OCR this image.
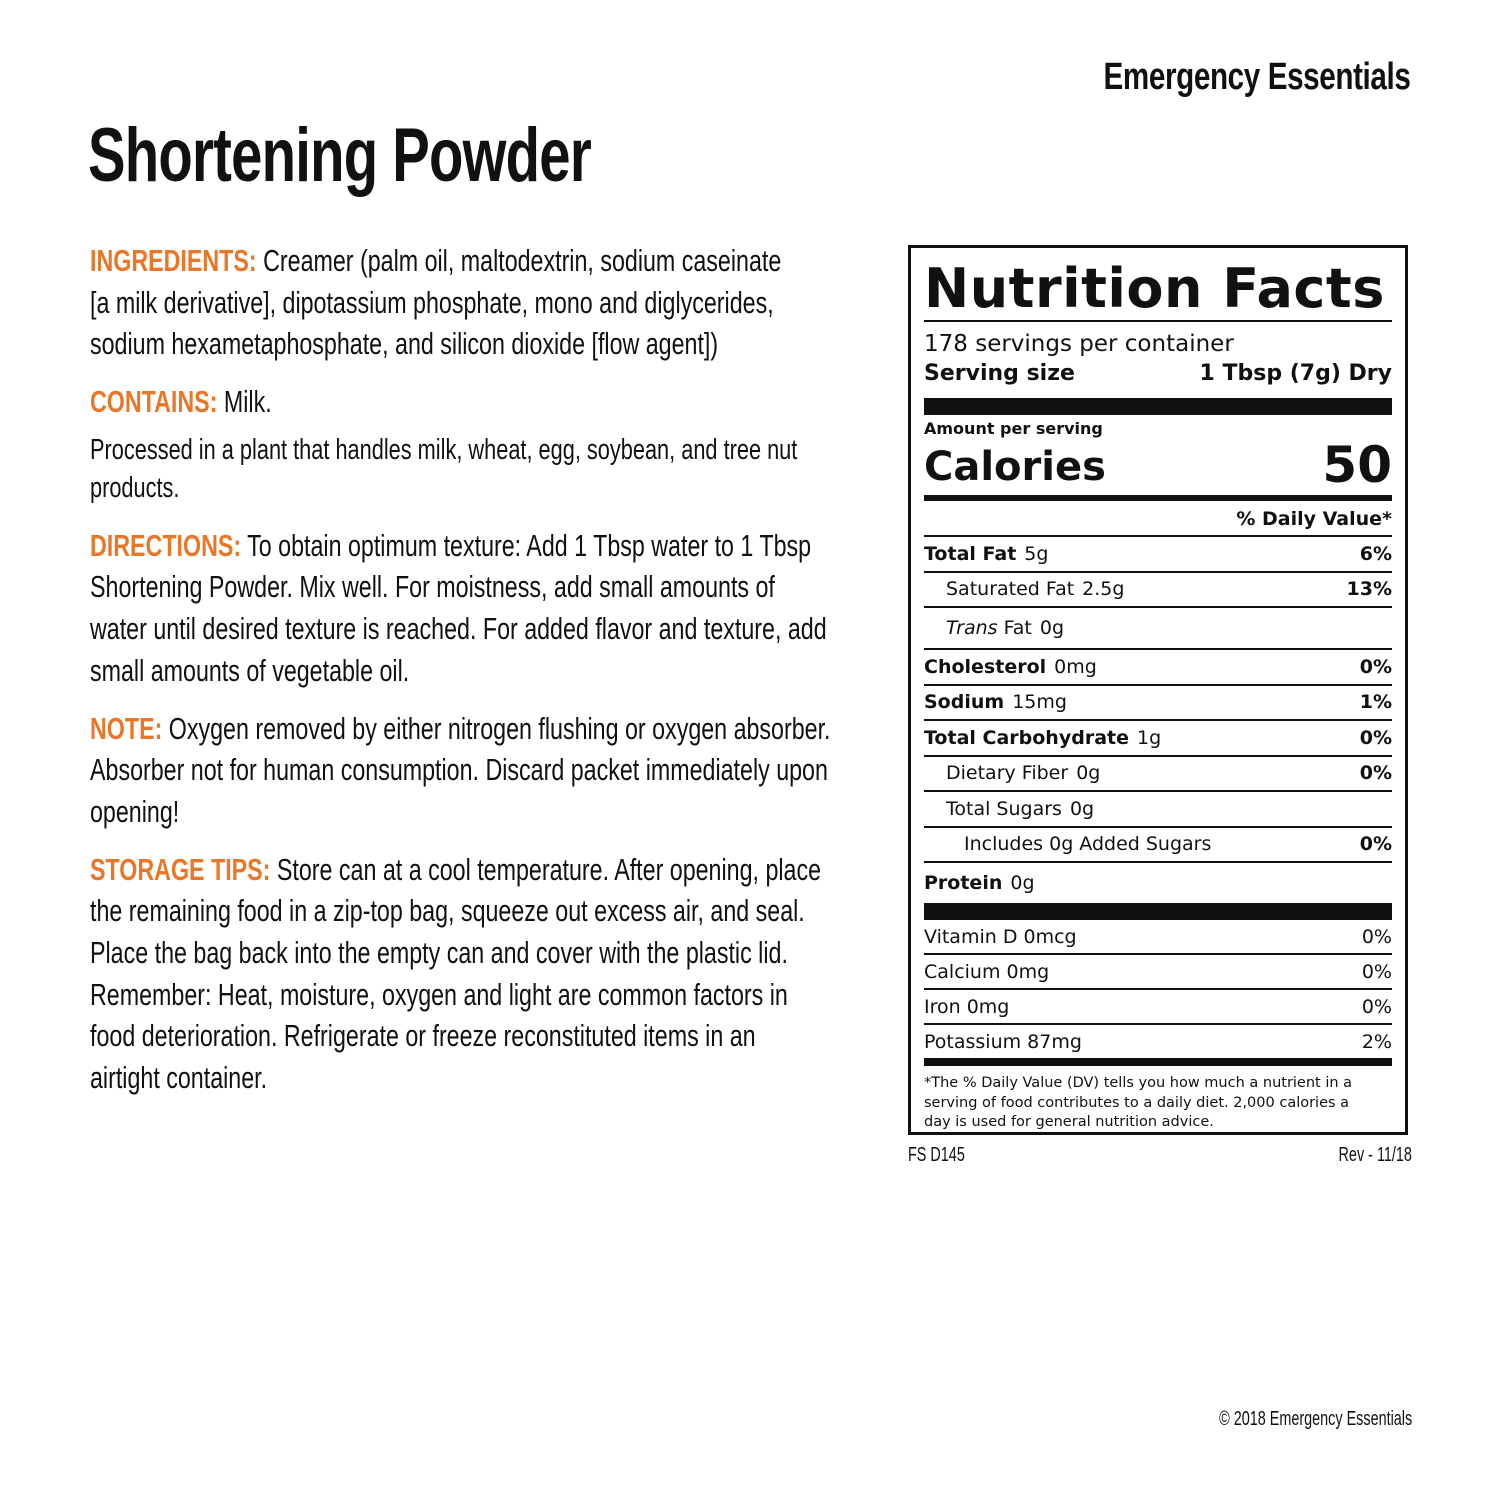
Emergency Essentials
Shortening Powder

INGREDIENTS: Creamer (palm oil, maltodextrin, sodium caseinate
[a milk derivative], dipotassium phosphate, mono and diglycerides,
sodium hexametaphosphate, and silicon dioxide [flow agent])

CONTAINS: Milk.

Processed in a plant that handles milk, wheat, egg, soybean, and tree nut
products.

DIRECTIONS: To obtain optimum texture: Add 1 Tbsp water to 1 Tbsp
Shortening Powder. Mix well. For moistness, add small amounts of
water until desired texture is reached. For added flavor and texture, add
small amounts of vegetable oil.

NOTE: Oxygen removed by either nitrogen flushing or oxygen absorber.
Absorber not for human consumption. Discard packet immediately upon
opening!

STORAGE TIPS: Store can at a cool temperature. After opening, place
the remaining food in a zip-top bag, squeeze out excess air, and seal.
Place the bag back into the empty can and cover with the plastic lid.
Remember: Heat, moisture, oxygen and light are common factors in
food deterioration. Refrigerate or freeze reconstituted items in an
airtight container.

Nutrition Facts
178 servings per container
Serving size	1 Tbsp (7g) Dry
Amount per serving
Calories	50
% Daily Value*
Total Fat 5g	6%
Saturated Fat 2.5g	13%
Trans Fat 0g
Cholesterol 0mg	0%
Sodium 15mg	1%
Total Carbohydrate 1g	0%
Dietary Fiber 0g	0%
Total Sugars 0g
Includes 0g Added Sugars	0%
Protein 0g
Vitamin D 0mcg	0%
Calcium 0mg	0%
Iron 0mg	0%
Potassium 87mg	2%
*The % Daily Value (DV) tells you how much a nutrient in a
serving of food contributes to a daily diet. 2,000 calories a
day is used for general nutrition advice.
FS D145	Rev - 11/18
© 2018 Emergency Essentials
